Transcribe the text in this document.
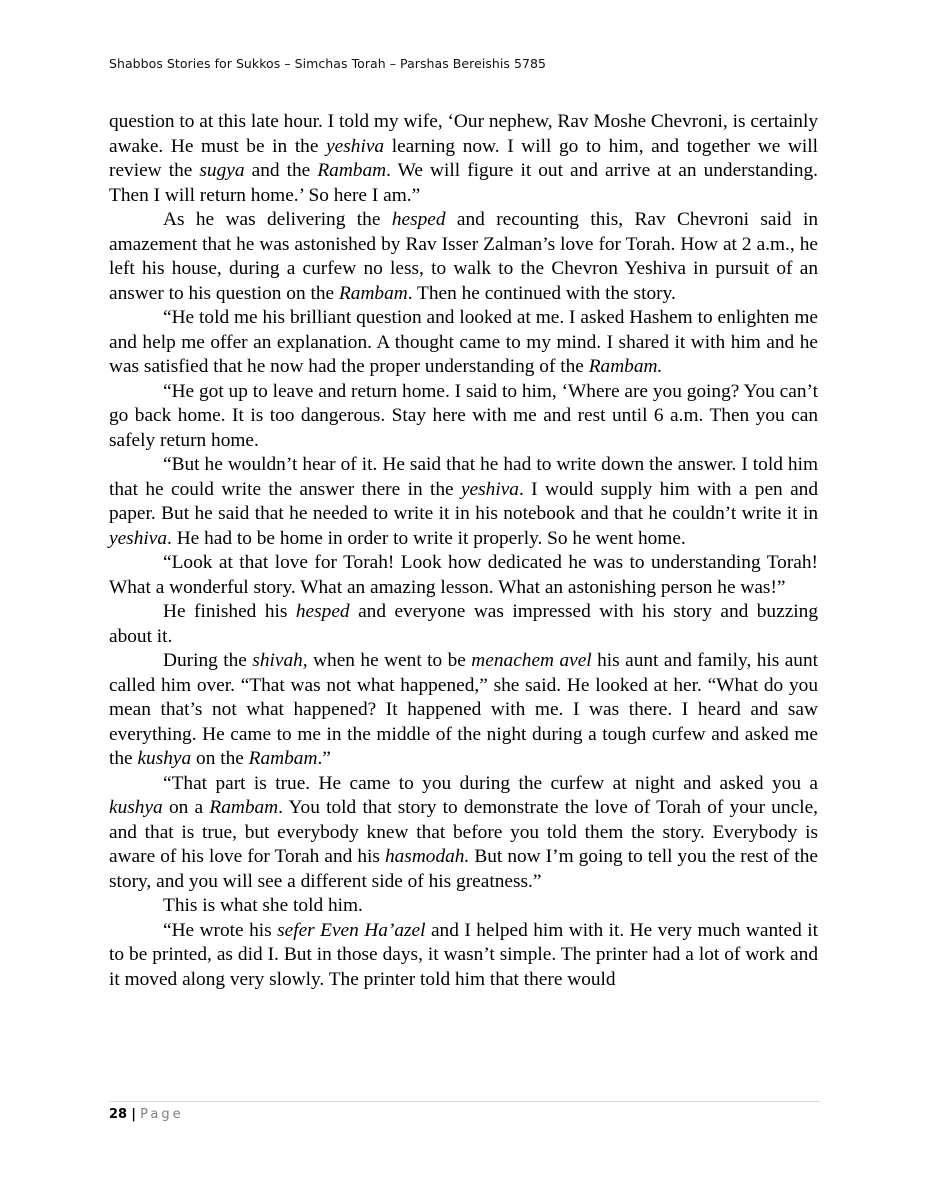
Shabbos Stories for Sukkos – Simchas Torah – Parshas Bereishis 5785

question to at this late hour. I told my wife, ‘Our nephew, Rav Moshe Chevroni, is certainly awake. He must be in the yeshiva learning now. I will go to him, and together we will review the sugya and the Rambam. We will figure it out and arrive at an understanding. Then I will return home.’ So here I am.”

As he was delivering the hesped and recounting this, Rav Chevroni said in amazement that he was astonished by Rav Isser Zalman’s love for Torah. How at 2 a.m., he left his house, during a curfew no less, to walk to the Chevron Yeshiva in pursuit of an answer to his question on the Rambam. Then he continued with the story.

“He told me his brilliant question and looked at me. I asked Hashem to enlighten me and help me offer an explanation. A thought came to my mind. I shared it with him and he was satisfied that he now had the proper understanding of the Rambam.

“He got up to leave and return home. I said to him, ‘Where are you going? You can’t go back home. It is too dangerous. Stay here with me and rest until 6 a.m. Then you can safely return home.

“But he wouldn’t hear of it. He said that he had to write down the answer. I told him that he could write the answer there in the yeshiva. I would supply him with a pen and paper. But he said that he needed to write it in his notebook and that he couldn’t write it in yeshiva. He had to be home in order to write it properly. So he went home.

“Look at that love for Torah! Look how dedicated he was to understanding Torah! What a wonderful story. What an amazing lesson. What an astonishing person he was!”

He finished his hesped and everyone was impressed with his story and buzzing about it.

During the shivah, when he went to be menachem avel his aunt and family, his aunt called him over. “That was not what happened,” she said. He looked at her. “What do you mean that’s not what happened? It happened with me. I was there. I heard and saw everything. He came to me in the middle of the night during a tough curfew and asked me the kushya on the Rambam.”

“That part is true. He came to you during the curfew at night and asked you a kushya on a Rambam. You told that story to demonstrate the love of Torah of your uncle, and that is true, but everybody knew that before you told them the story. Everybody is aware of his love for Torah and his hasmodah. But now I’m going to tell you the rest of the story, and you will see a different side of his greatness.”

This is what she told him.

“He wrote his sefer Even Ha’azel and I helped him with it. He very much wanted it to be printed, as did I. But in those days, it wasn’t simple. The printer had a lot of work and it moved along very slowly. The printer told him that there would

28 | Page
